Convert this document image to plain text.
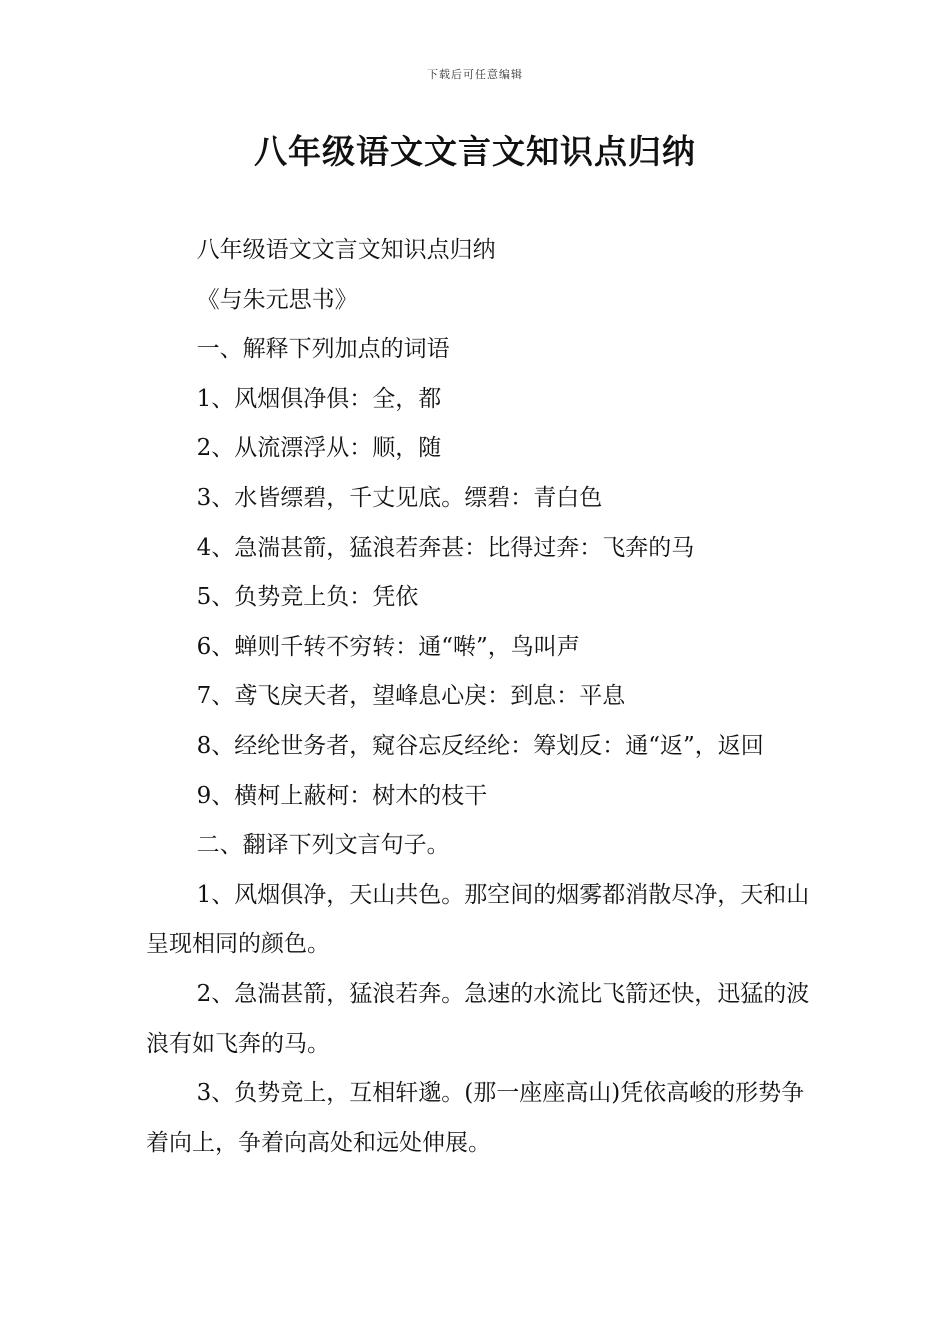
下载后可任意编辑
八年级语文文言文知识点归纳

八年级语文文言文知识点归纳

《与朱元思书》

一、解释下列加点的词语

1、风烟俱净俱：全，都

2、从流漂浮从：顺，随

3、水皆缥碧，千丈见底。缥碧：青白色

4、急湍甚箭，猛浪若奔甚：比得过奔：飞奔的马

5、负势竞上负：凭依

6、蝉则千转不穷转：通“啭”，鸟叫声

7、鸢飞戾天者，望峰息心戾：到息：平息

8、经纶世务者，窥谷忘反经纶：筹划反：通“返”，返回

9、横柯上蔽柯：树木的枝干

二、翻译下列文言句子。

1、风烟俱净，天山共色。那空间的烟雾都消散尽净，天和山呈现相同的颜色。

2、急湍甚箭，猛浪若奔。急速的水流比飞箭还快，迅猛的波浪有如飞奔的马。

3、负势竞上，互相轩邈。(那一座座高山)凭依高峻的形势争着向上，争着向高处和远处伸展。
